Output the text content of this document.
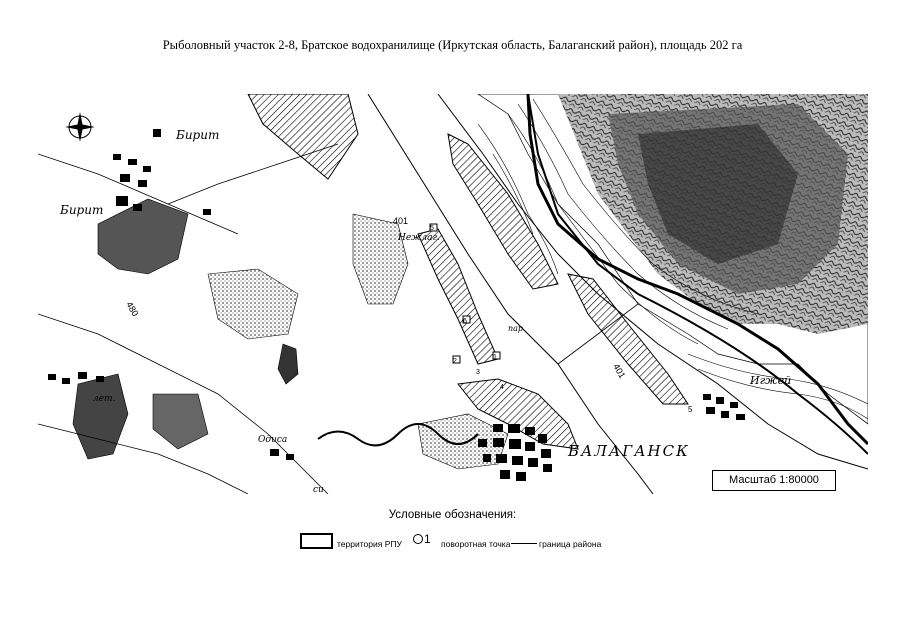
Рыболовный участок 2-8, Братское водохранилище (Иркутская область, Балаганский район), площадь 202 га
Бирит
Бирит
БАЛАГАНСК
Игжей
Одиса
Нежлаг.
лет.
пар.
си
401
401
480
5
6
1
2
3
4
5
Масштаб 1:80000
Условные обозначения:
территория РПУ 1 поворотная точка	граница района
